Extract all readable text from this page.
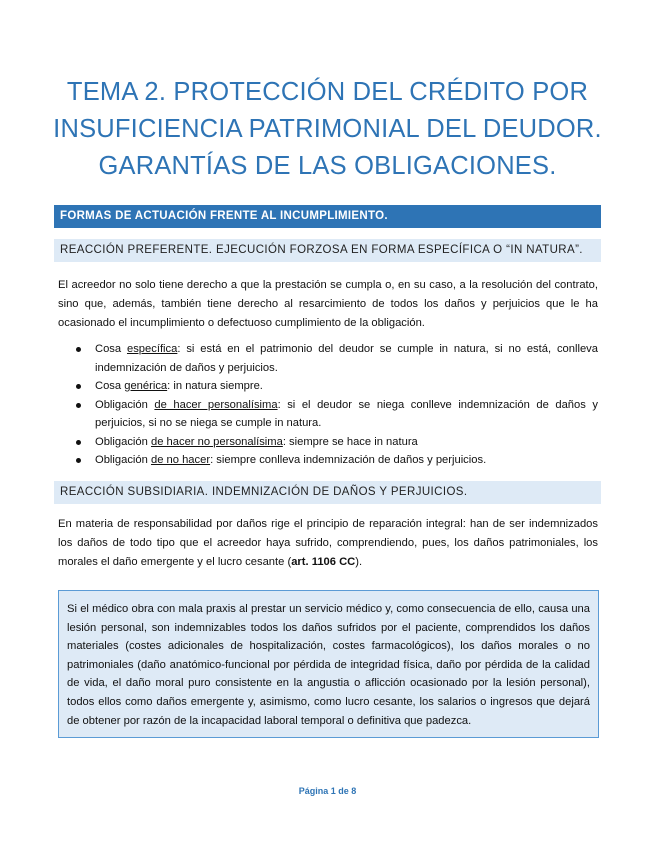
TEMA 2. PROTECCIÓN DEL CRÉDITO POR
INSUFICIENCIA PATRIMONIAL DEL DEUDOR.
GARANTÍAS DE LAS OBLIGACIONES.
FORMAS DE ACTUACIÓN FRENTE AL INCUMPLIMIENTO.
REACCIÓN PREFERENTE. EJECUCIÓN FORZOSA EN FORMA ESPECÍFICA O “IN NATURA”.

El acreedor no solo tiene derecho a que la prestación se cumpla o, en su caso, a la resolución del contrato, sino que, además, también tiene derecho al resarcimiento de todos los daños y perjuicios que le ha ocasionado el incumplimiento o defectuoso cumplimiento de la obligación.

Cosa específica: si está en el patrimonio del deudor se cumple in natura, si no está, conlleva indemnización de daños y perjuicios.
Cosa genérica: in natura siempre.
Obligación de hacer personalísima: si el deudor se niega conlleve indemnización de daños y perjuicios, si no se niega se cumple in natura.
Obligación de hacer no personalísima: siempre se hace in natura
Obligación de no hacer: siempre conlleva indemnización de daños y perjuicios.
REACCIÓN SUBSIDIARIA. INDEMNIZACIÓN DE DAÑOS Y PERJUICIOS.

En materia de responsabilidad por daños rige el principio de reparación integral: han de ser indemnizados los daños de todo tipo que el acreedor haya sufrido, comprendiendo, pues, los daños patrimoniales, los morales el daño emergente y el lucro cesante (art. 1106 CC).

Si el médico obra con mala praxis al prestar un servicio médico y, como consecuencia de ello, causa una lesión personal, son indemnizables todos los daños sufridos por el paciente, comprendidos los daños materiales (costes adicionales de hospitalización, costes farmacológicos), los daños morales o no patrimoniales (daño anatómico-funcional por pérdida de integridad física, daño por pérdida de la calidad de vida, el daño moral puro consistente en la angustia o aflicción ocasionado por la lesión personal), todos ellos como daños emergente y, asimismo, como lucro cesante, los salarios o ingresos que dejará de obtener por razón de la incapacidad laboral temporal o definitiva que padezca.

Página 1 de 8
